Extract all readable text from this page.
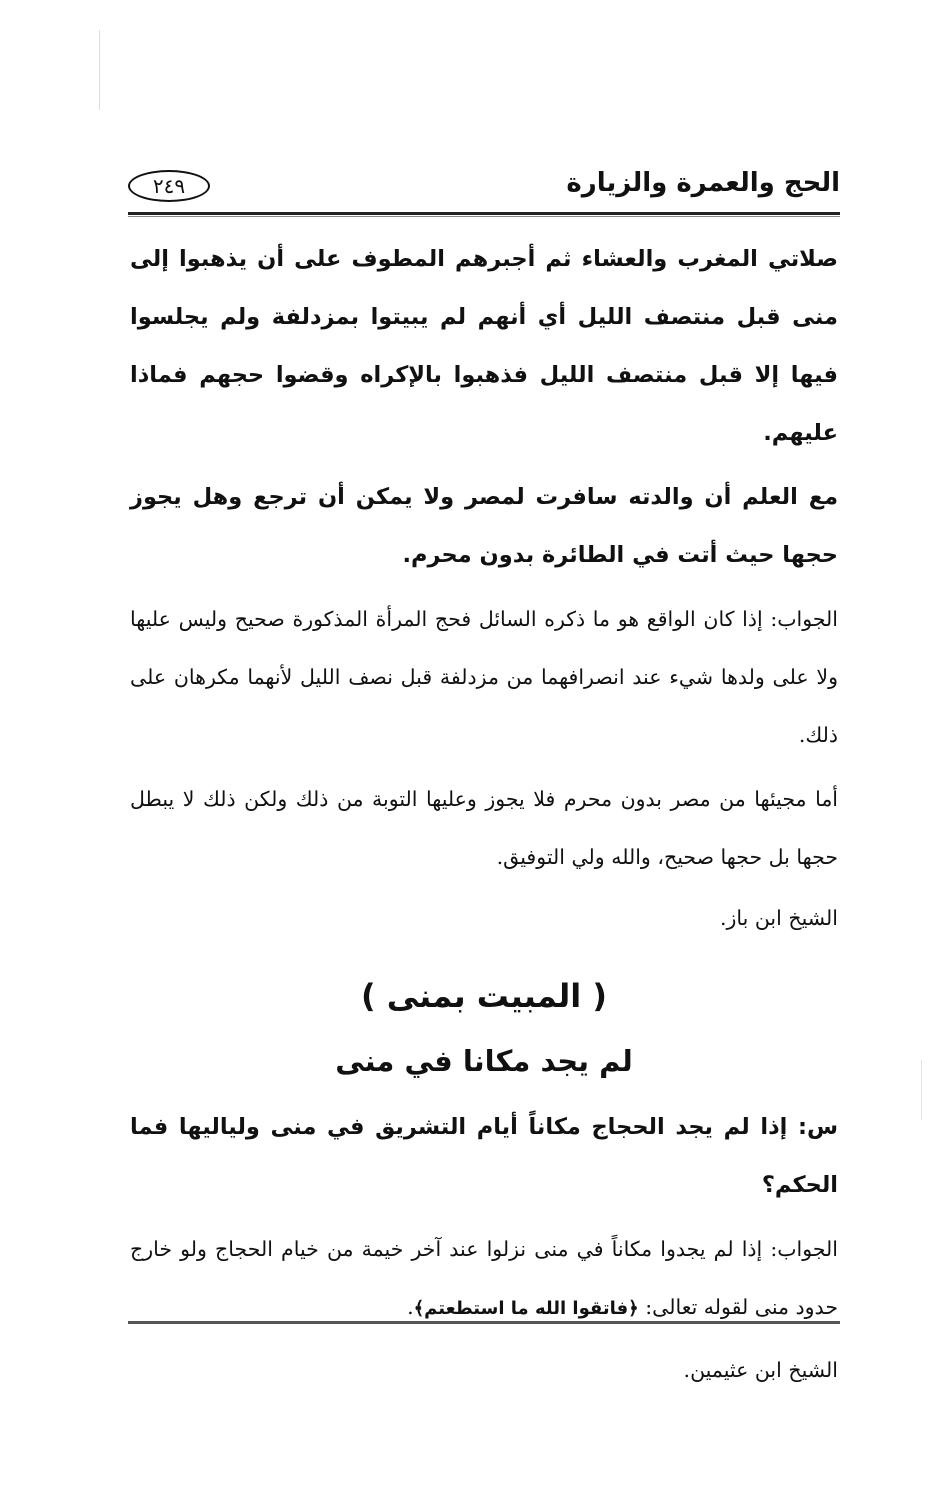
الحج والعمرة والزيارة
٢٤٩

صلاتي المغرب والعشاء ثم أجبرهم المطوف على أن يذهبوا إلى منى قبل منتصف الليل أي أنهم لم يبيتوا بمزدلفة ولم يجلسوا فيها إلا قبل منتصف الليل فذهبوا بالإكراه وقضوا حجهم فماذا عليهم.

مع العلم أن والدته سافرت لمصر ولا يمكن أن ترجع وهل يجوز حجها حيث أتت في الطائرة بدون محرم.

الجواب: إذا كان الواقع هو ما ذكره السائل فحج المرأة المذكورة صحيح وليس عليها ولا على ولدها شيء عند انصرافهما من مزدلفة قبل نصف الليل لأنهما مكرهان على ذلك.

أما مجيئها من مصر بدون محرم فلا يجوز وعليها التوبة من ذلك ولكن ذلك لا يبطل حجها بل حجها صحيح، والله ولي التوفيق.

الشيخ ابن باز.

( المبيت بمنى )
لم يجد مكانا في منى

س: إذا لم يجد الحجاج مكاناً أيام التشريق في منى ولياليها فما الحكم؟

الجواب: إذا لم يجدوا مكاناً في منى نزلوا عند آخر خيمة من خيام الحجاج ولو خارج حدود منى لقوله تعالى: ﴿فاتقوا الله ما استطعتم﴾.

الشيخ ابن عثيمين.
